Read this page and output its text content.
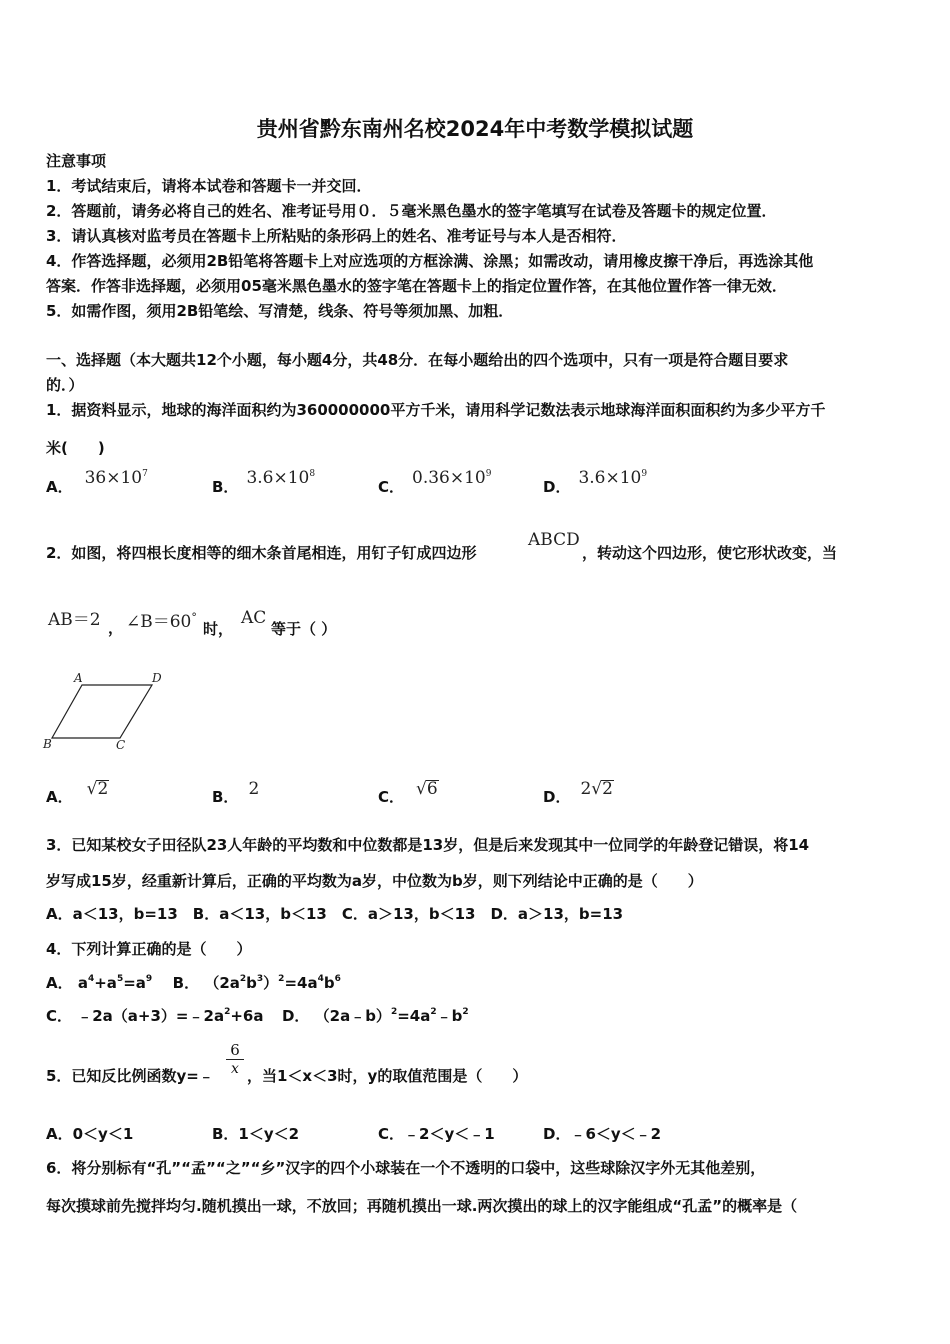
贵州省黔东南州名校2024年中考数学模拟试题
注意事项
1．考试结束后，请将本试卷和答题卡一并交回．
2．答题前，请务必将自己的姓名、准考证号用０．５毫米黑色墨水的签字笔填写在试卷及答题卡的规定位置．
3．请认真核对监考员在答题卡上所粘贴的条形码上的姓名、准考证号与本人是否相符．
4．作答选择题，必须用2B铅笔将答题卡上对应选项的方框涂满、涂黑；如需改动，请用橡皮擦干净后，再选涂其他
答案．作答非选择题，必须用05毫米黑色墨水的签字笔在答题卡上的指定位置作答，在其他位置作答一律无效．
5．如需作图，须用2B铅笔绘、写清楚，线条、符号等须加黑、加粗．
一、选择题（本大题共12个小题，每小题4分，共48分．在每小题给出的四个选项中，只有一项是符合题目要求
的．）
1．据资料显示，地球的海洋面积约为360000000平方千米，请用科学记数法表示地球海洋面积面积约为多少平方千
米(　　)
A． $36\times 10^7$
B． $3.6\times 10^8$
C． $0.36\times 10^9$
D． $3.6\times 10^9$
2．如图，将四根长度相等的细木条首尾相连，用钉子钉成四边形
ABCD
，转动这个四边形，使它形状改变，当
AB＝2 ， ∠B＝60°
时，
AC
等于（ ）
A	D
B	C
A． √2	B． 2	C． √6	D． 2√2
3．已知某校女子田径队23人年龄的平均数和中位数都是13岁，但是后来发现其中一位同学的年龄登记错误，将14
岁写成15岁，经重新计算后，正确的平均数为a岁，中位数为b岁，则下列结论中正确的是（　　）
A．a＜13，b=13　B．a＜13，b＜13　C．a＞13，b＜13　D．a＞13，b=13
4．下列计算正确的是（　　）
A． $a^4+a^5=a^9$ B． $(2a^2b^3)^2=4a^4b^6$
C． $﹣2a(a+3)=﹣2a^2+6a$ D． $(2a﹣b)^2=4a^2﹣b^2$
5．已知反比例函数y=﹣ $\frac{6}{x}$ ，当1＜x＜3时，y的取值范围是（　　）
A．0＜y＜1	B．1＜y＜2	C．﹣2＜y＜﹣1	D．﹣6＜y＜﹣2
6．将分别标有“孔”“孟”“之”“乡”汉字的四个小球装在一个不透明的口袋中，这些球除汉字外无其他差别，
每次摸球前先搅拌均匀.随机摸出一球，不放回；再随机摸出一球.两次摸出的球上的汉字能组成“孔孟”的概率是（
